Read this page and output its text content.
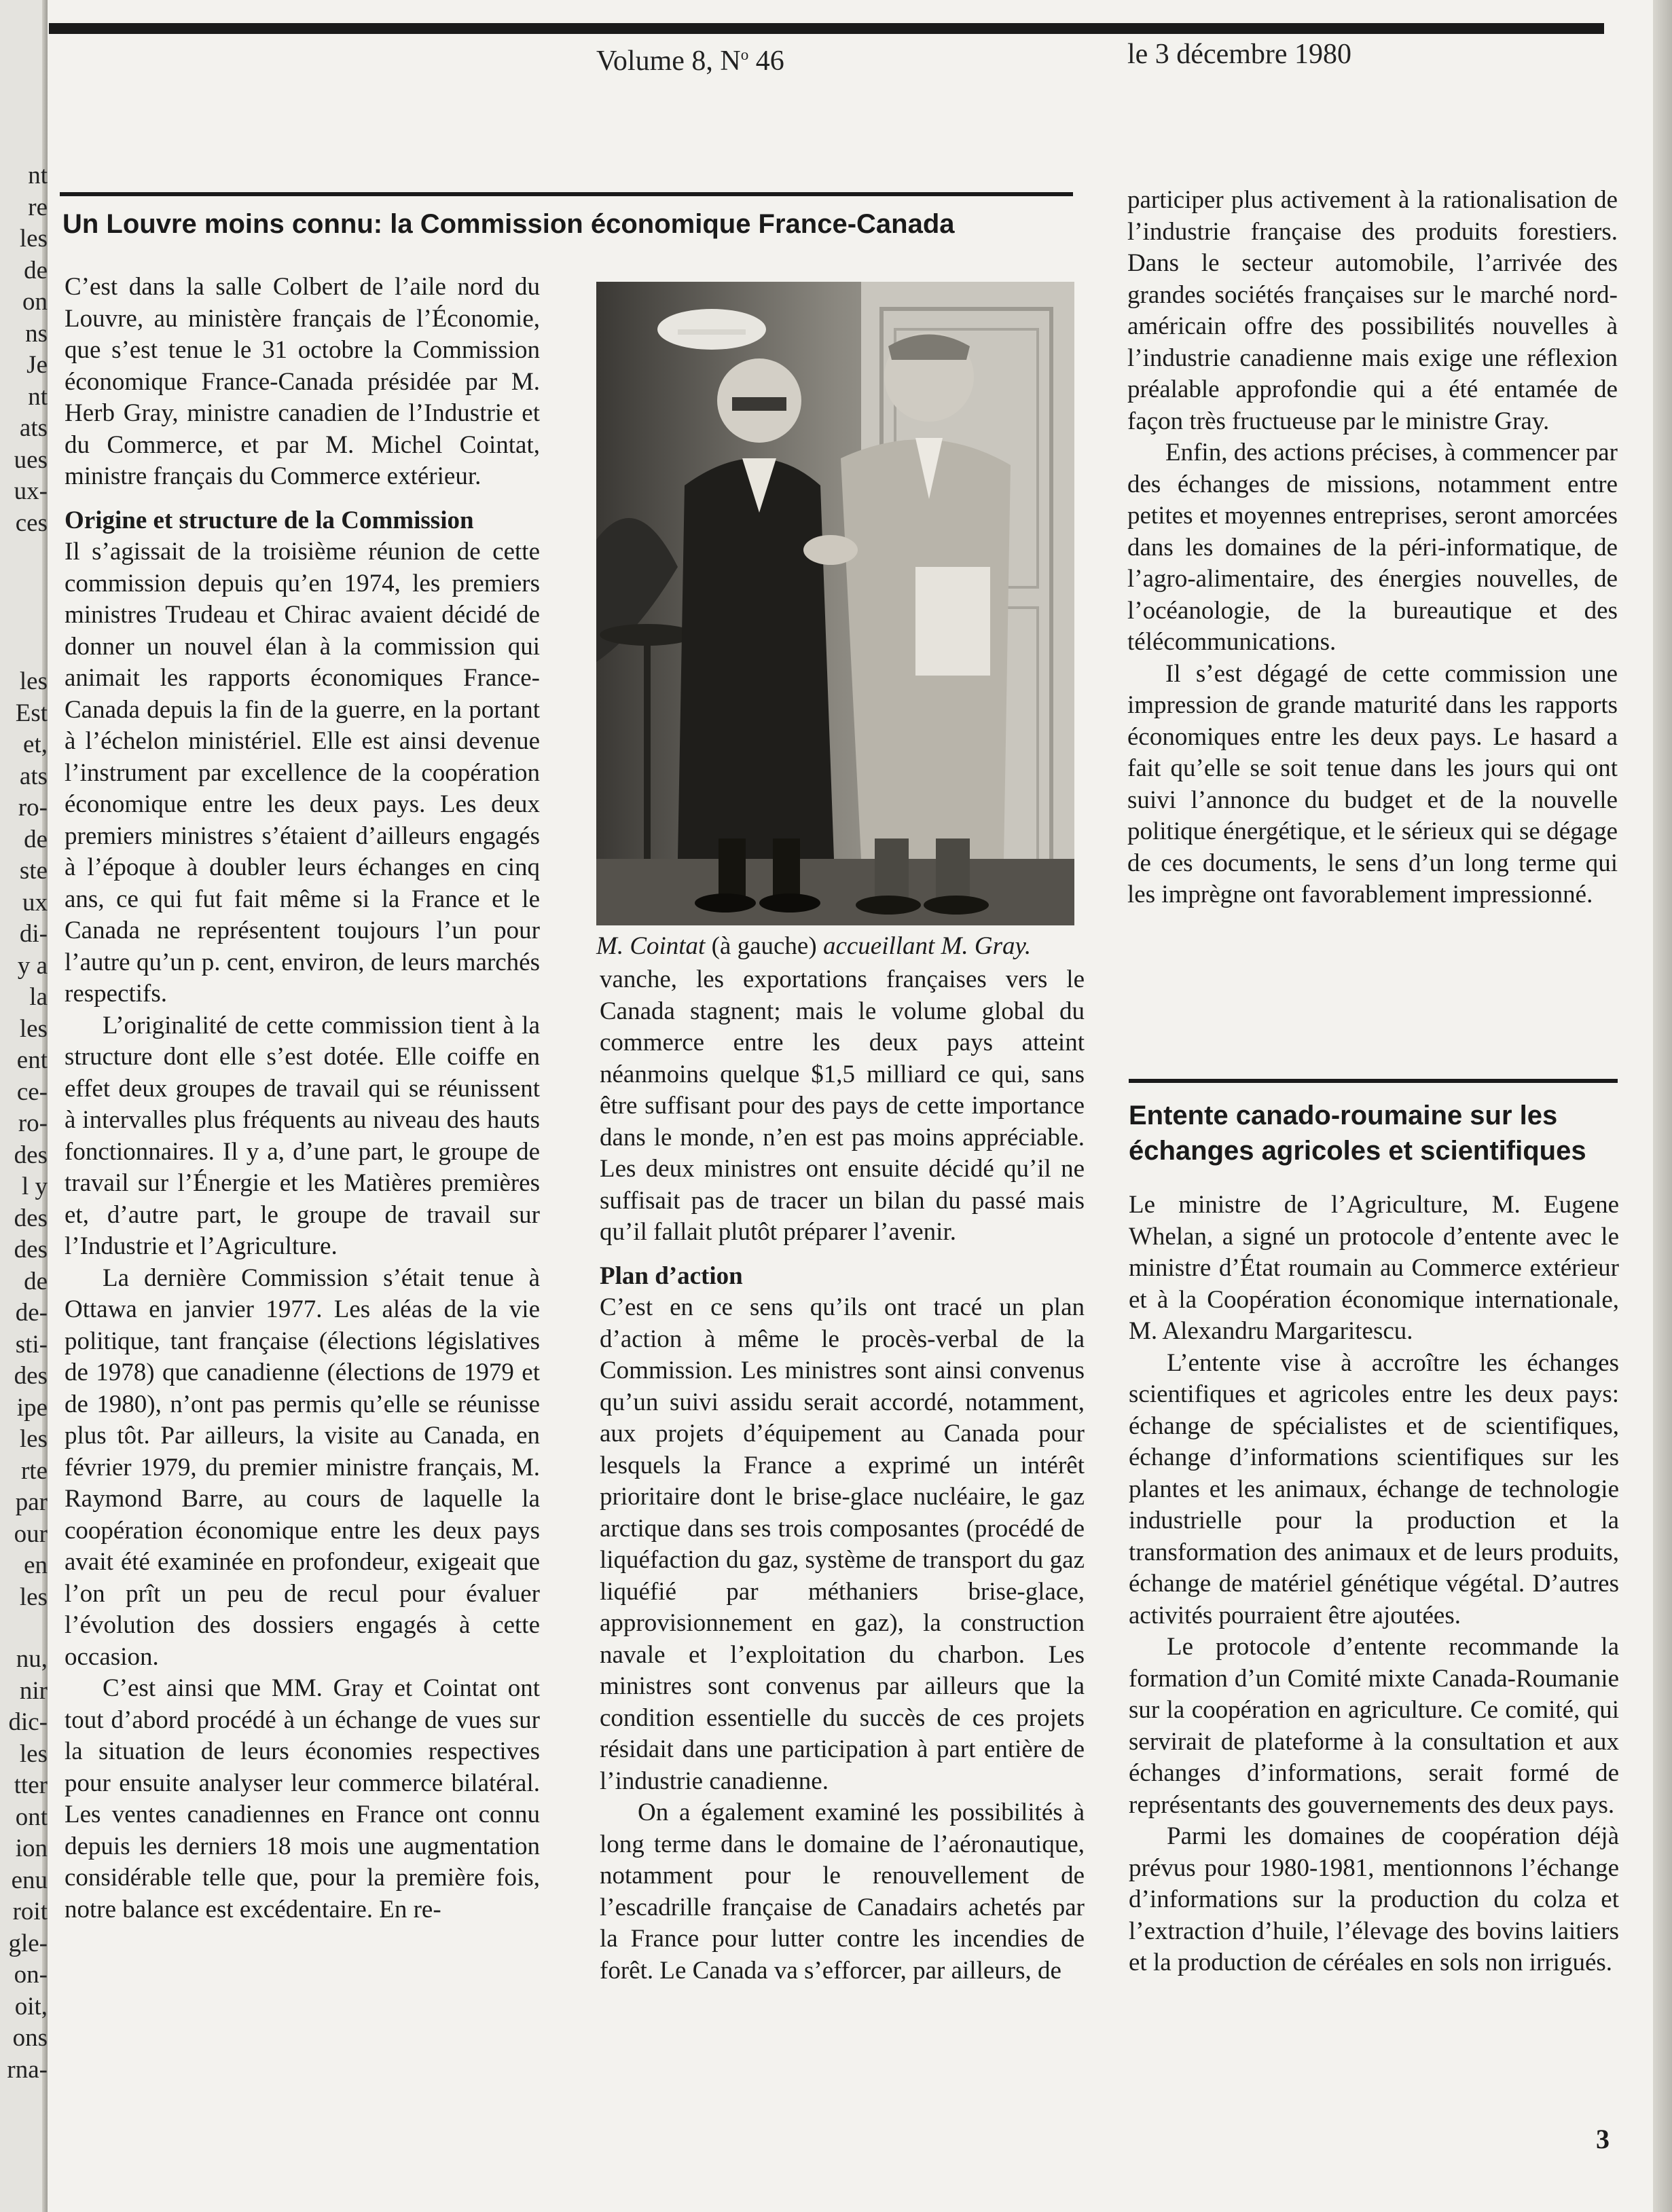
nt
re
les
de
on
ns
Je
nt
ats
ues
ux-
ces
les
Est
et,
ats
ro-
de
ste
ux
di-
y a
la
les
ent
ce-
ro-
des
l y
des
des
de
de-
sti-
des
ipe
les
rte
par
our
en
les
nu,
nir
dic-
les
tter
ont
ion
enu
roit
gle-
on-
oit,
ons
rna-
Volume 8, $N^o$ 46	le 3 décembre 1980
Un Louvre moins connu: la Commission économique France-Canada

C’est dans la salle Colbert de l’aile nord du Louvre, au ministère français de l’Économie, que s’est tenue le 31 octobre la Commission économique France-Canada présidée par M. Herb Gray, ministre canadien de l’Industrie et du Commerce, et par M. Michel Cointat, ministre français du Commerce extérieur.

Origine et structure de la Commission

Il s’agissait de la troisième réunion de cette commission depuis qu’en 1974, les premiers ministres Trudeau et Chirac avaient décidé de donner un nouvel élan à la commission qui animait les rapports économiques France-Canada depuis la fin de la guerre, en la portant à l’échelon ministériel. Elle est ainsi devenue l’instrument par excellence de la coopération économique entre les deux pays. Les deux premiers ministres s’étaient d’ailleurs engagés à l’époque à doubler leurs échanges en cinq ans, ce qui fut fait même si la France et le Canada ne représentent toujours l’un pour l’autre qu’un p. cent, environ, de leurs marchés respectifs.

L’originalité de cette commission tient à la structure dont elle s’est dotée. Elle coiffe en effet deux groupes de travail qui se réunissent à intervalles plus fréquents au niveau des hauts fonctionnaires. Il y a, d’une part, le groupe de travail sur l’Énergie et les Matières premières et, d’autre part, le groupe de travail sur l’Industrie et l’Agriculture.

La dernière Commission s’était tenue à Ottawa en janvier 1977. Les aléas de la vie politique, tant française (élections législatives de 1978) que canadienne (élections de 1979 et de 1980), n’ont pas permis qu’elle se réunisse plus tôt. Par ailleurs, la visite au Canada, en février 1979, du premier ministre français, M. Raymond Barre, au cours de laquelle la coopération économique entre les deux pays avait été examinée en profondeur, exigeait que l’on prît un peu de recul pour évaluer l’évolution des dossiers engagés à cette occasion.

C’est ainsi que MM. Gray et Cointat ont tout d’abord procédé à un échange de vues sur la situation de leurs économies respectives pour ensuite analyser leur commerce bilatéral. Les ventes canadiennes en France ont connu depuis les derniers 18 mois une augmentation considérable telle que, pour la première fois, notre balance est excédentaire. En re-

M. Cointat (à gauche) accueillant M. Gray.

vanche, les exportations françaises vers le Canada stagnent; mais le volume global du commerce entre les deux pays atteint néanmoins quelque $1,5 milliard ce qui, sans être suffisant pour des pays de cette importance dans le monde, n’en est pas moins appréciable. Les deux ministres ont ensuite décidé qu’il ne suffisait pas de tracer un bilan du passé mais qu’il fallait plutôt préparer l’avenir.

Plan d’action

C’est en ce sens qu’ils ont tracé un plan d’action à même le procès-verbal de la Commission. Les ministres sont ainsi convenus qu’un suivi assidu serait accordé, notamment, aux projets d’équipement au Canada pour lesquels la France a exprimé un intérêt prioritaire dont le brise-glace nucléaire, le gaz arctique dans ses trois composantes (procédé de liquéfaction du gaz, système de transport du gaz liquéfié par méthaniers brise-glace, approvisionnement en gaz), la construction navale et l’exploitation du charbon. Les ministres sont convenus par ailleurs que la condition essentielle du succès de ces projets résidait dans une participation à part entière de l’industrie canadienne.

On a également examiné les possibilités à long terme dans le domaine de l’aéronautique, notamment pour le renouvellement de l’escadrille française de Canadairs achetés par la France pour lutter contre les incendies de forêt. Le Canada va s’efforcer, par ailleurs, de

participer plus activement à la rationalisation de l’industrie française des produits forestiers. Dans le secteur automobile, l’arrivée des grandes sociétés françaises sur le marché nord-américain offre des possibilités nouvelles à l’industrie canadienne mais exige une réflexion préalable approfondie qui a été entamée de façon très fructueuse par le ministre Gray.

Enfin, des actions précises, à commencer par des échanges de missions, notamment entre petites et moyennes entreprises, seront amorcées dans les domaines de la péri-informatique, de l’agro-alimentaire, des énergies nouvelles, de l’océanologie, de la bureautique et des télécommunications.

Il s’est dégagé de cette commission une impression de grande maturité dans les rapports économiques entre les deux pays. Le hasard a fait qu’elle se soit tenue dans les jours qui ont suivi l’annonce du budget et de la nouvelle politique énergétique, et le sérieux qui se dégage de ces documents, le sens d’un long terme qui les imprègne ont favorablement impressionné.

Entente canado-roumaine sur les échanges agricoles et scientifiques

Le ministre de l’Agriculture, M. Eugene Whelan, a signé un protocole d’entente avec le ministre d’État roumain au Commerce extérieur et à la Coopération économique internationale, M. Alexandru Margaritescu.

L’entente vise à accroître les échanges scientifiques et agricoles entre les deux pays: échange de spécialistes et de scientifiques, échange d’informations scientifiques sur les plantes et les animaux, échange de technologie industrielle pour la production et la transformation des animaux et de leurs produits, échange de matériel génétique végétal. D’autres activités pourraient être ajoutées.

Le protocole d’entente recommande la formation d’un Comité mixte Canada-Roumanie sur la coopération en agriculture. Ce comité, qui servirait de plateforme à la consultation et aux échanges d’informations, serait formé de représentants des gouvernements des deux pays.

Parmi les domaines de coopération déjà prévus pour 1980-1981, mentionnons l’échange d’informations sur la production du colza et l’extraction d’huile, l’élevage des bovins laitiers et la production de céréales en sols non irrigués.

3
